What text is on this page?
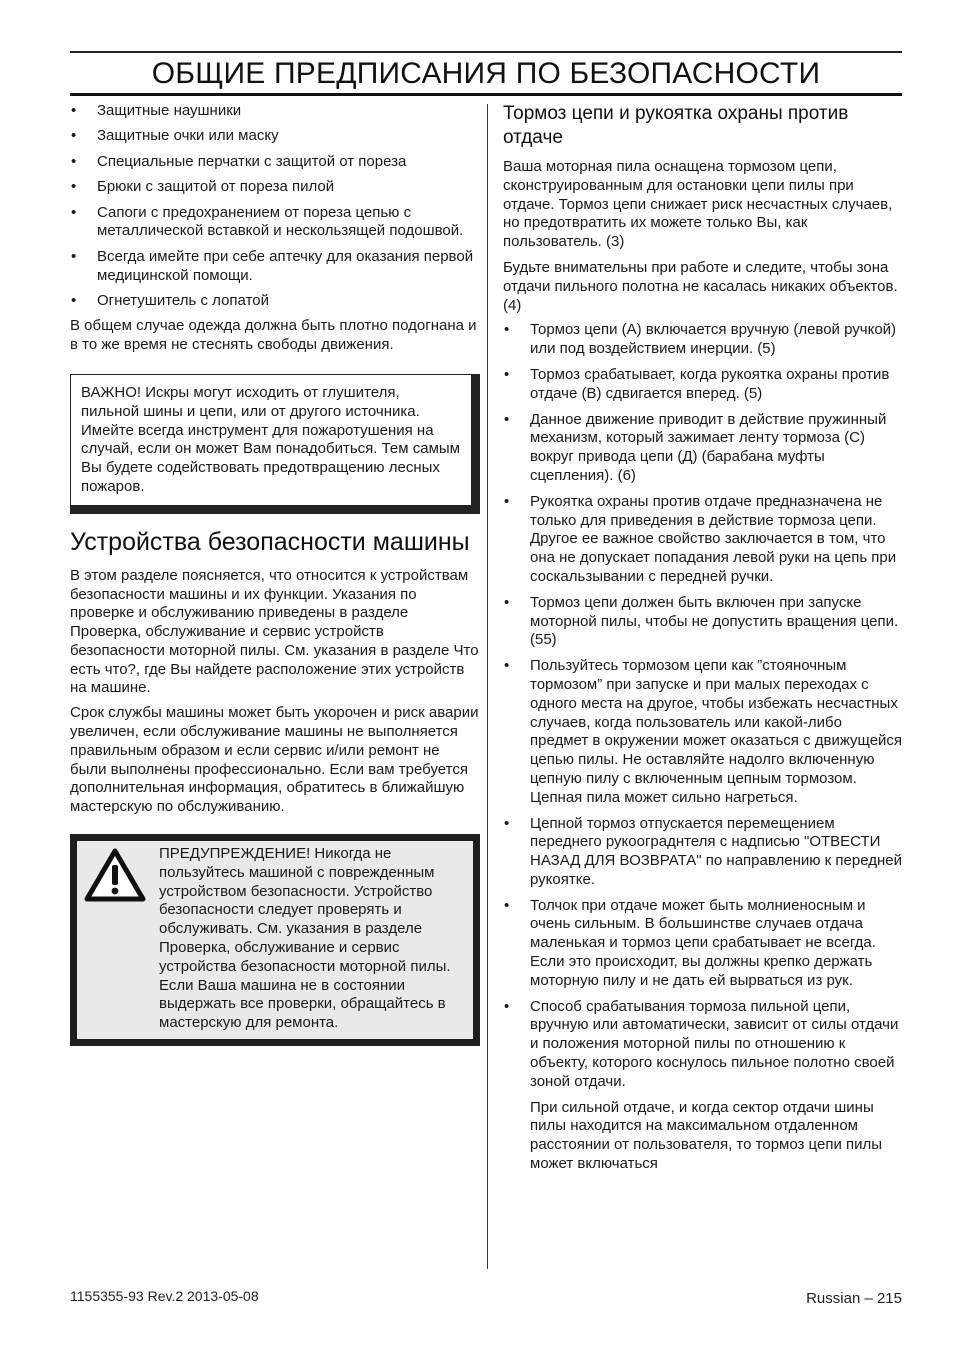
ОБЩИЕ ПРЕДПИСАНИЯ ПО БЕЗОПАСНОСТИ
• Защитные наушники
• Защитные очки или маску
• Специальные перчатки с защитой от пореза
• Брюки с защитой от пореза пилой
• Сапоги с предохранением от пореза цепью с металлической вставкой и нескользящей подошвой.
• Всегда имейте при себе аптечку для оказания первой медицинской помощи.
• Огнетушитель с лопатой

В общем случае одежда должна быть плотно подогнана и в то же время не стеснять свободы движения.

ВАЖНО! Искры могут исходить от глушителя, пильной шины и цепи, или от другого источника. Имейте всегда инструмент для пожаротушения на случай, если он может Вам понадобиться. Тем самым Вы будете содействовать предотвращению лесных пожаров.

Устройства безопасности машины

В этом разделе поясняется, что относится к устройствам безопасности машины и их функции. Указания по проверке и обслуживанию приведены в разделе Проверка, обслуживание и сервис устройств безопасности моторной пилы. См. указания в разделе Что есть что?, где Вы найдете расположение этих устройств на машине.

Срок службы машины может быть укорочен и риск аварии увеличен, если обслуживание машины не выполняется правильным образом и если сервис и/или ремонт не были выполнены профессионально. Если вам требуется дополнительная информация, обратитесь в ближайшую мастерскую по обслуживанию.

ПРЕДУПРЕЖДЕНИЕ! Никогда не пользуйтесь машиной с поврежденным устройством безопасности. Устройство безопасности следует проверять и обслуживать. См. указания в разделе Проверка, обслуживание и сервис устройства безопасности моторной пилы. Если Ваша машина не в состоянии выдержать все проверки, обращайтесь в мастерскую для ремонта.

Тормоз цепи и рукоятка охраны против отдаче

Ваша моторная пила оснащена тормозом цепи, сконструированным для остановки цепи пилы при отдаче. Тормоз цепи снижает риск несчастных случаев, но предотвратить их можете только Вы, как пользователь. (3)

Будьте внимательны при работе и следите, чтобы зона отдачи пильного полотна не касалась никаких объектов. (4)

• Тормоз цепи (A) включается вручную (левой ручкой) или под воздействием инерции. (5)
• Тормоз срабатывает, когда рукоятка охраны против отдаче (B) сдвигается вперед. (5)
• Данное движение приводит в действие пружинный механизм, который зажимает ленту тормоза (C) вокруг привода цепи (Д) (барабана муфты сцепления). (6)
• Рукоятка охраны против отдаче предназначена не только для приведения в действие тормоза цепи. Другое ее важное свойство заключается в том, что она не допускает попадания левой руки на цепь при соскальзывании с передней ручки.
• Тормоз цепи должен быть включен при запуске моторной пилы, чтобы не допустить вращения цепи. (55)
• Пользуйтесь тормозом цепи как ”стояночным тормозом” при запуске и при малых переходах с одного места на другое, чтобы избежать несчастных случаев, когда пользователь или какой-либо предмет в окружении может оказаться с движущейся цепью пилы. Не оставляйте надолго включенную цепную пилу с включенным цепным тормозом. Цепная пила может сильно нагреться.
• Цепной тормоз отпускается перемещением переднего рукоограднтеля с надписью "ОТВЕСТИ НАЗАД ДЛЯ ВОЗВРАТА" по направлению к передней рукоятке.
• Толчок при отдаче может быть молниеносным и очень сильным. В большинстве случаев отдача маленькая и тормоз цепи срабатывает не всегда. Если это происходит, вы должны крепко держать моторную пилу и не дать ей вырваться из рук.
• Способ срабатывания тормоза пильной цепи, вручную или автоматически, зависит от силы отдачи и положения моторной пилы по отношению к объекту, которого коснулось пильное полотно своей зоной отдачи.

При сильной отдаче, и когда сектор отдачи шины пилы находится на максимальном отдаленном расстоянии от пользователя, то тормоз цепи пилы может включаться

1155355-93 Rev.2 2013-05-08	Russian – 215
